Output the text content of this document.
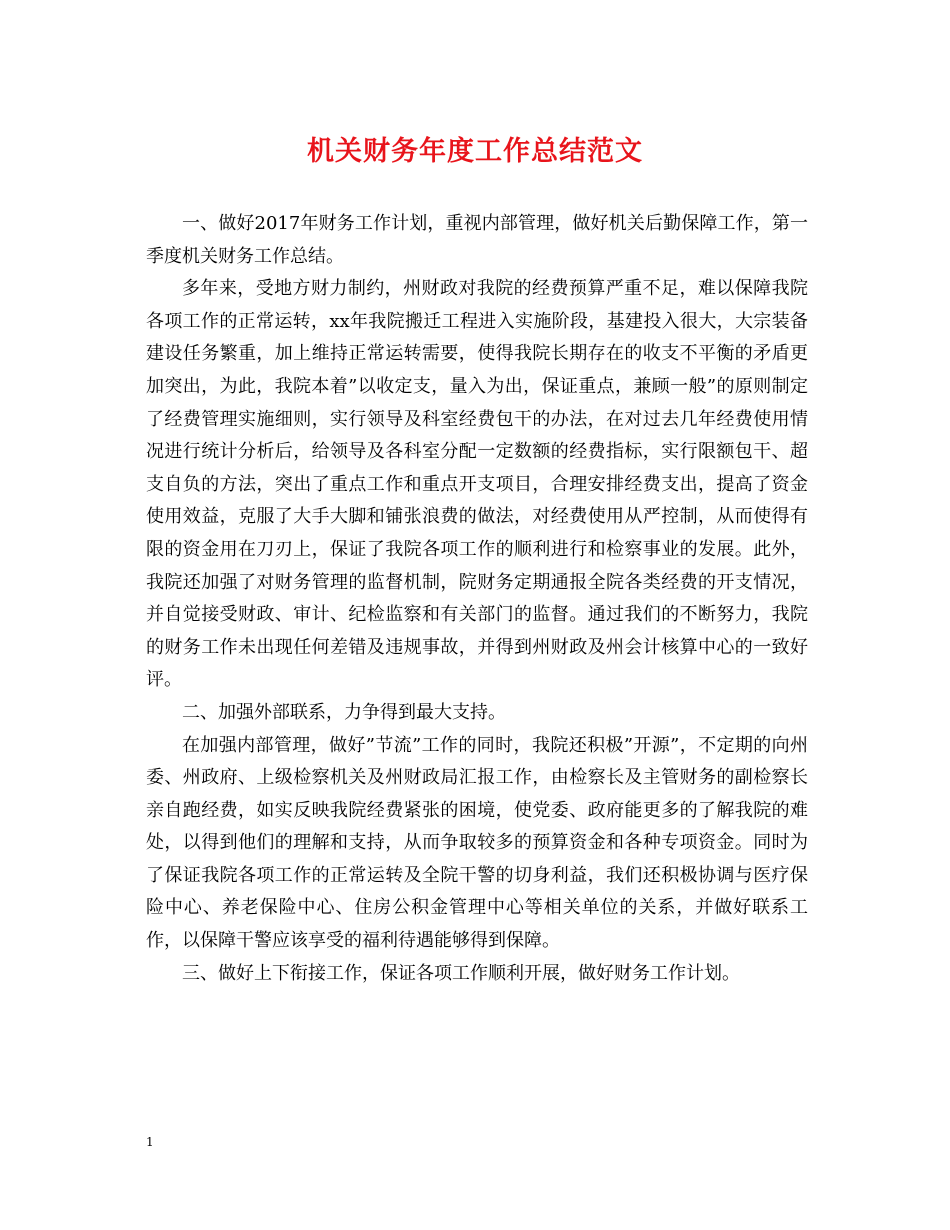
机关财务年度工作总结范文

一、做好2017年财务工作计划，重视内部管理，做好机关后勤保障工作，第一季度机关财务工作总结。

多年来，受地方财力制约，州财政对我院的经费预算严重不足，难以保障我院各项工作的正常运转，xx年我院搬迁工程进入实施阶段，基建投入很大，大宗装备建设任务繁重，加上维持正常运转需要，使得我院长期存在的收支不平衡的矛盾更加突出，为此，我院本着”以收定支，量入为出，保证重点，兼顾一般”的原则制定了经费管理实施细则，实行领导及科室经费包干的办法，在对过去几年经费使用情况进行统计分析后，给领导及各科室分配一定数额的经费指标，实行限额包干、超支自负的方法，突出了重点工作和重点开支项目，合理安排经费支出，提高了资金使用效益，克服了大手大脚和铺张浪费的做法，对经费使用从严控制，从而使得有限的资金用在刀刃上，保证了我院各项工作的顺利进行和检察事业的发展。此外，我院还加强了对财务管理的监督机制，院财务定期通报全院各类经费的开支情况，并自觉接受财政、审计、纪检监察和有关部门的监督。通过我们的不断努力，我院的财务工作未出现任何差错及违规事故，并得到州财政及州会计核算中心的一致好评。

二、加强外部联系，力争得到最大支持。

在加强内部管理，做好”节流”工作的同时，我院还积极”开源”，不定期的向州委、州政府、上级检察机关及州财政局汇报工作，由检察长及主管财务的副检察长亲自跑经费，如实反映我院经费紧张的困境，使党委、政府能更多的了解我院的难处，以得到他们的理解和支持，从而争取较多的预算资金和各种专项资金。同时为了保证我院各项工作的正常运转及全院干警的切身利益，我们还积极协调与医疗保险中心、养老保险中心、住房公积金管理中心等相关单位的关系，并做好联系工作，以保障干警应该享受的福利待遇能够得到保障。

三、做好上下衔接工作，保证各项工作顺利开展，做好财务工作计划。

1
